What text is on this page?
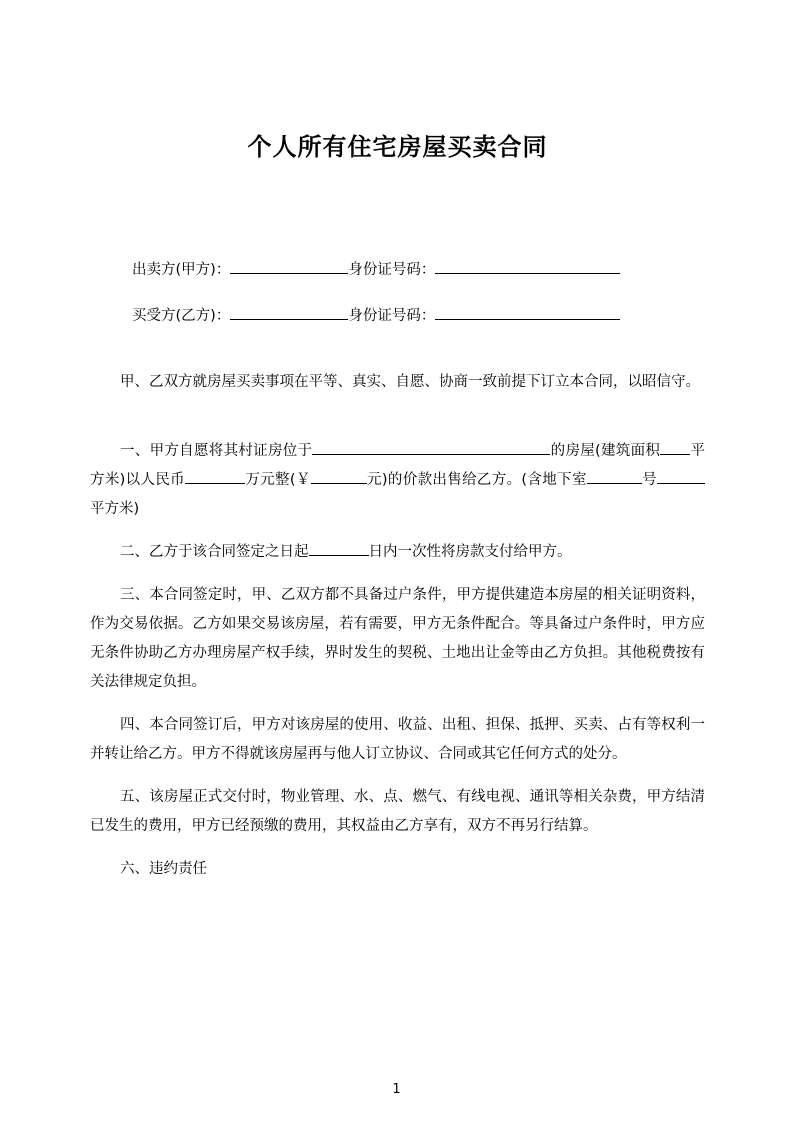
个人所有住宅房屋买卖合同

出卖方(甲方)：	身份证号码：

买受方(乙方)：	身份证号码：

甲、乙双方就房屋买卖事项在平等、真实、自愿、协商一致前提下订立本合同，以昭信守。

一、甲方自愿将其村证房位于	的房屋(建筑面积 平方米)以人民币	万元整(￥	元)的价款出售给乙方。(含地下室	号平方米)

二、乙方于该合同签定之日起	日内一次性将房款支付给甲方。

三、本合同签定时，甲、乙双方都不具备过户条件，甲方提供建造本房屋的相关证明资料，作为交易依据。乙方如果交易该房屋，若有需要，甲方无条件配合。等具备过户条件时，甲方应无条件协助乙方办理房屋产权手续，界时发生的契税、土地出让金等由乙方负担。其他税费按有关法律规定负担。

四、本合同签订后，甲方对该房屋的使用、收益、出租、担保、抵押、买卖、占有等权利一并转让给乙方。甲方不得就该房屋再与他人订立协议、合同或其它任何方式的处分。

五、该房屋正式交付时，物业管理、水、点、燃气、有线电视、通讯等相关杂费，甲方结清已发生的费用，甲方已经预缴的费用，其权益由乙方享有，双方不再另行结算。

六、违约责任

1
